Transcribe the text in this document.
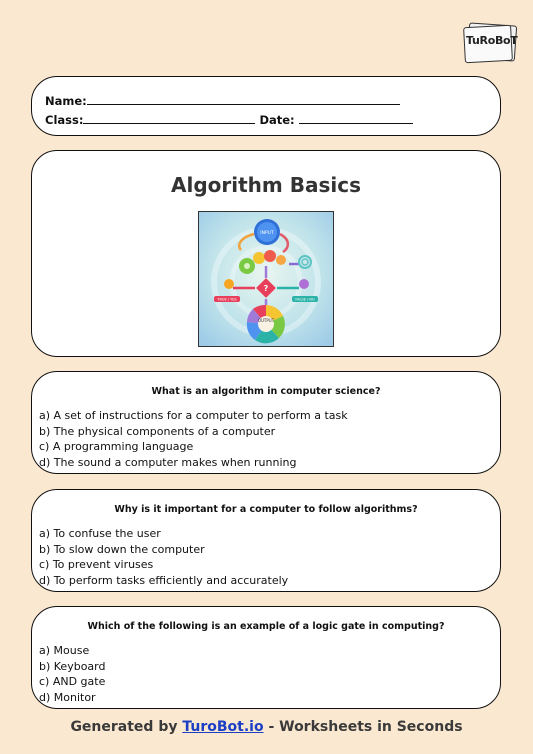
TuRoBoT
Name:
Class:	Date:
Algorithm Basics
INPUT
?
TRUE / YES	FALSE / NO
OUTPUT
What is an algorithm in computer science?
a) A set of instructions for a computer to perform a task
b) The physical components of a computer
c) A programming language
d) The sound a computer makes when running
Why is it important for a computer to follow algorithms?
a) To confuse the user
b) To slow down the computer
c) To prevent viruses
d) To perform tasks efficiently and accurately
Which of the following is an example of a logic gate in computing?
a) Mouse
b) Keyboard
c) AND gate
d) Monitor
Generated by TuroBot.io - Worksheets in Seconds
